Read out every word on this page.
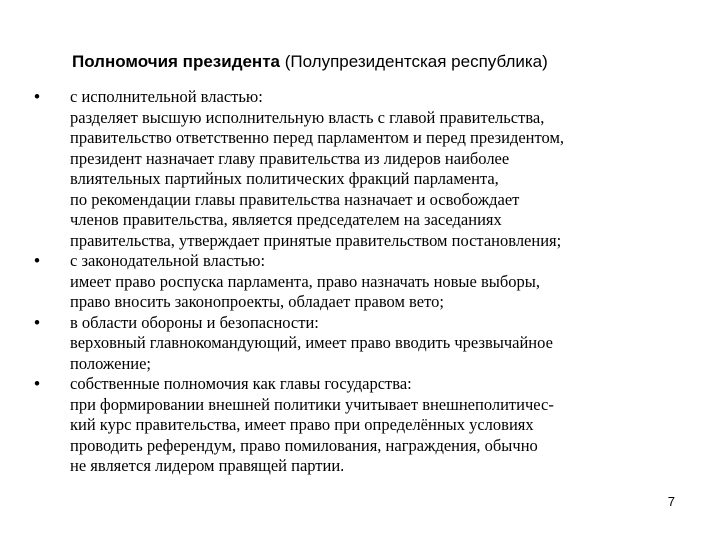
Полномочия президента (Полупрезидентская республика)
• с исполнительной властью:
разделяет высшую исполнительную власть с главой правительства,
правительство ответственно перед парламентом и перед президентом,
президент назначает главу правительства из лидеров наиболее
влиятельных партийных политических фракций парламента,
по рекомендации главы правительства назначает и освобождает
членов правительства, является председателем на заседаниях
правительства, утверждает принятые правительством постановления;
• с законодательной властью:
имеет право роспуска парламента, право назначать новые выборы,
право вносить законопроекты, обладает правом вето;
• в области обороны и безопасности:
верховный главнокомандующий, имеет право вводить чрезвычайное
положение;
• собственные полномочия как главы государства:
при формировании внешней политики учитывает внешнеполитичес-
кий курс правительства, имеет право при определённых условиях
проводить референдум, право помилования, награждения, обычно
не является лидером правящей партии.
7
